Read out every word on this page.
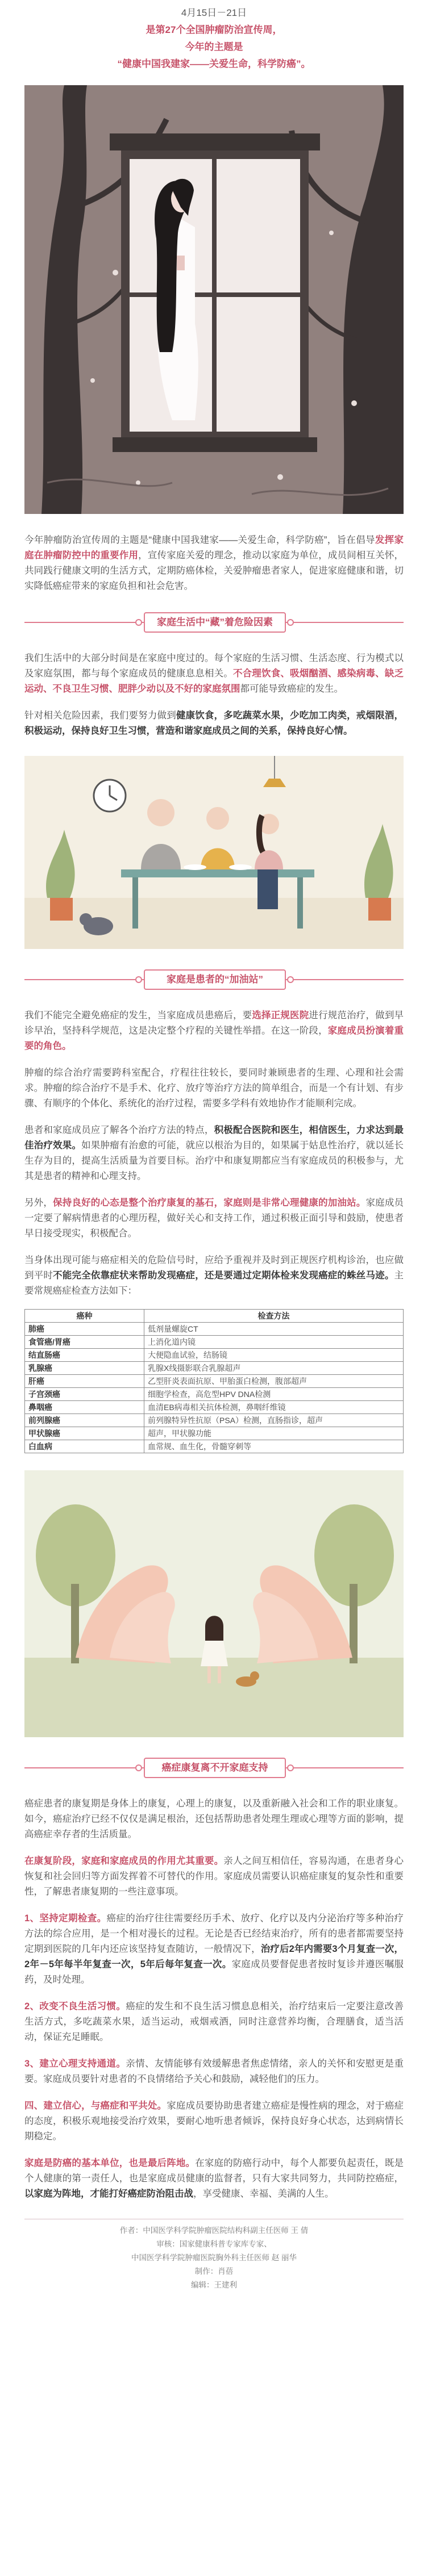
4月15日－21日
是第27个全国肿瘤防治宣传周，
今年的主题是
“健康中国我建家——关爱生命，科学防癌”。

今年肿瘤防治宣传周的主题是“健康中国我建家——关爱生命，科学防癌”，旨在倡导发挥家庭在肿瘤防控中的重要作用，宣传家庭关爱的理念，推动以家庭为单位，成员间相互关怀，共同践行健康文明的生活方式，定期防癌体检，关爱肿瘤患者家人，促进家庭健康和谐，切实降低癌症带来的家庭负担和社会危害。

家庭生活中“藏”着危险因素

我们生活中的大部分时间是在家庭中度过的。每个家庭的生活习惯、生活态度、行为模式以及家庭氛围，都与每个家庭成员的健康息息相关。不合理饮食、吸烟酗酒、感染病毒、缺乏运动、不良卫生习惯、肥胖少动以及不好的家庭氛围都可能导致癌症的发生。

针对相关危险因素，我们要努力做到健康饮食，多吃蔬菜水果，少吃加工肉类，戒烟限酒，积极运动，保持良好卫生习惯，营造和谐家庭成员之间的关系，保持良好心情。

家庭是患者的“加油站”

我们不能完全避免癌症的发生，当家庭成员患癌后，要选择正规医院进行规范治疗，做到早诊早治，坚持科学规范，这是决定整个疗程的关键性举措。在这一阶段，家庭成员扮演着重要的角色。

肿瘤的综合治疗需要跨科室配合，疗程往往较长，要同时兼顾患者的生理、心理和社会需求。肿瘤的综合治疗不是手术、化疗、放疗等治疗方法的简单组合，而是一个有计划、有步骤、有顺序的个体化、系统化的治疗过程，需要多学科有效地协作才能顺利完成。

患者和家庭成员应了解各个治疗方法的特点，积极配合医院和医生，相信医生，力求达到最佳治疗效果。如果肿瘤有治愈的可能，就应以根治为目的，如果属于姑息性治疗，就以延长生存为目的，提高生活质量为首要目标。治疗中和康复期都应当有家庭成员的积极参与，尤其是患者的精神和心理支持。

另外，保持良好的心态是整个治疗康复的基石，家庭则是非常心理健康的加油站。家庭成员一定要了解病情患者的心理历程，做好关心和支持工作，通过积极正面引导和鼓励，使患者早日接受现实，积极配合。

当身体出现可能与癌症相关的危险信号时，应给予重视并及时到正规医疗机构诊治，也应做到平时不能完全依靠症状来帮助发现癌症，还是要通过定期体检来发现癌症的蛛丝马迹。主要常规癌症检查方法如下：

癌种	检查方法
肺癌	低剂量螺旋CT
食管癌/胃癌	上消化道内镜
结直肠癌	大便隐血试验，结肠镜
乳腺癌	乳腺X线摄影联合乳腺超声
肝癌	乙型肝炎表面抗原、甲胎蛋白检测，腹部超声
子宫颈癌	细胞学检查，高危型HPV DNA检测
鼻咽癌	血清EB病毒相关抗体检测，鼻咽纤维镜
前列腺癌	前列腺特异性抗原（PSA）检测，直肠指诊，超声
甲状腺癌	超声，甲状腺功能
白血病	血常规、血生化，骨髓穿刺等
癌症康复离不开家庭支持

癌症患者的康复期是身体上的康复，心理上的康复，以及重新融入社会和工作的职业康复。如今，癌症治疗已经不仅仅是满足根治，还包括帮助患者处理生理或心理等方面的影响，提高癌症幸存者的生活质量。

在康复阶段，家庭和家庭成员的作用尤其重要。亲人之间互相信任，容易沟通，在患者身心恢复和社会回归等方面发挥着不可替代的作用。家庭成员需要认识癌症康复的复杂性和重要性，了解患者康复期的一些注意事项。

1、坚持定期检查。癌症的治疗往往需要经历手术、放疗、化疗以及内分泌治疗等多种治疗方法的综合应用，是一个相对漫长的过程。无论是否已经结束治疗，所有的患者都需要坚持定期到医院的几年内还应该坚持复查随访，一般情况下，治疗后2年内需要3个月复查一次，2年－5年每半年复查一次，5年后每年复查一次。家庭成员要督促患者按时复诊并遵医嘱服药，及时处理。

2、改变不良生活习惯。癌症的发生和不良生活习惯息息相关，治疗结束后一定要注意改善生活方式，多吃蔬菜水果，适当运动，戒烟戒酒，同时注意营养均衡，合理膳食，适当活动，保证充足睡眠。

3、建立心理支持通道。亲情、友情能够有效缓解患者焦虑情绪，亲人的关怀和安慰更是重要。家庭成员要针对患者的不良情绪给予关心和鼓励，减轻他们的压力。

四、建立信心，与癌症和平共处。家庭成员要协助患者建立癌症是慢性病的理念，对于癌症的态度，积极乐观地接受治疗效果，要耐心地听患者倾诉，保持良好身心状态，达到病情长期稳定。

家庭是防癌的基本单位，也是最后阵地。在家庭的防癌行动中，每个人都要负起责任，既是个人健康的第一责任人，也是家庭成员健康的监督者，只有大家共同努力，共同防控癌症，以家庭为阵地，才能打好癌症防治阻击战，享受健康、幸福、美满的人生。

作者：中国医学科学院肿瘤医院结构科副主任医师 王 倩
审核：国家健康科普专家库专家、
中国医学科学院肿瘤医院胸外科主任医师 赵 丽华
制作：肖蓓
编辑：王建利
